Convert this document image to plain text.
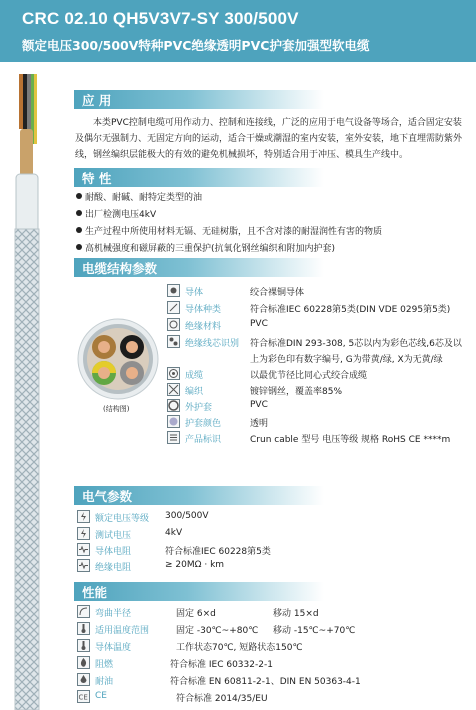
CRC 02.10 QH5V3V7-SY 300/500V
额定电压300/500V特种PVC绝缘透明PVC护套加强型软电缆
应 用
本类PVC控制电缆可用作动力、控制和连接线，广泛的应用于电气设备等场合，适合固定安装及偶尔无强制力、无固定方向的运动，适合干燥或潮湿的室内安装，室外安装，地下直埋需防紫外线，钢丝编织层能极大的有效的避免机械损坏，特别适合用于冲压、模具生产线中。
特 性
耐酸、耐碱、耐特定类型的油
出厂检测电压4kV
生产过程中所使用材料无镉、无硅树脂，且不含对漆的耐湿润性有害的物质
高机械强度和磁屏蔽的三重保护(抗氧化钢丝编织和附加内护套)
电缆结构参数
(结构图)
导体	绞合裸铜导体
导体种类	符合标准IEC 60228第5类(DIN VDE 0295第5类)
绝缘材料	PVC
绝缘线芯识别 符合标准DIN 293-308, 5芯以内为彩色芯线,6芯及以
上为彩色印有数字编号, G为带黄/绿, X为无黄/绿
成缆	以最优节径比同心式绞合成缆
编织	镀锌钢丝，覆盖率85%
外护套	PVC
护套颜色	透明
产品标识	Crun cable 型号 电压等级 规格 RoHS CE ****m
电气参数
额定电压等级 300/500V
测试电压	4kV
导体电阻	符合标准IEC 60228第5类
绝缘电阻	≥ 20MΩ · km
性能
弯曲半径	固定 6×d	移动 15×d
适用温度范围	固定 -30℃~+80℃ 移动 -15℃~+70℃
导体温度	工作状态70℃, 短路状态150℃
阻燃	符合标准 IEC 60332-2-1
耐油	符合标准 EN 60811-2-1、DIN EN 50363-4-1
CE CE	符合标准 2014/35/EU
